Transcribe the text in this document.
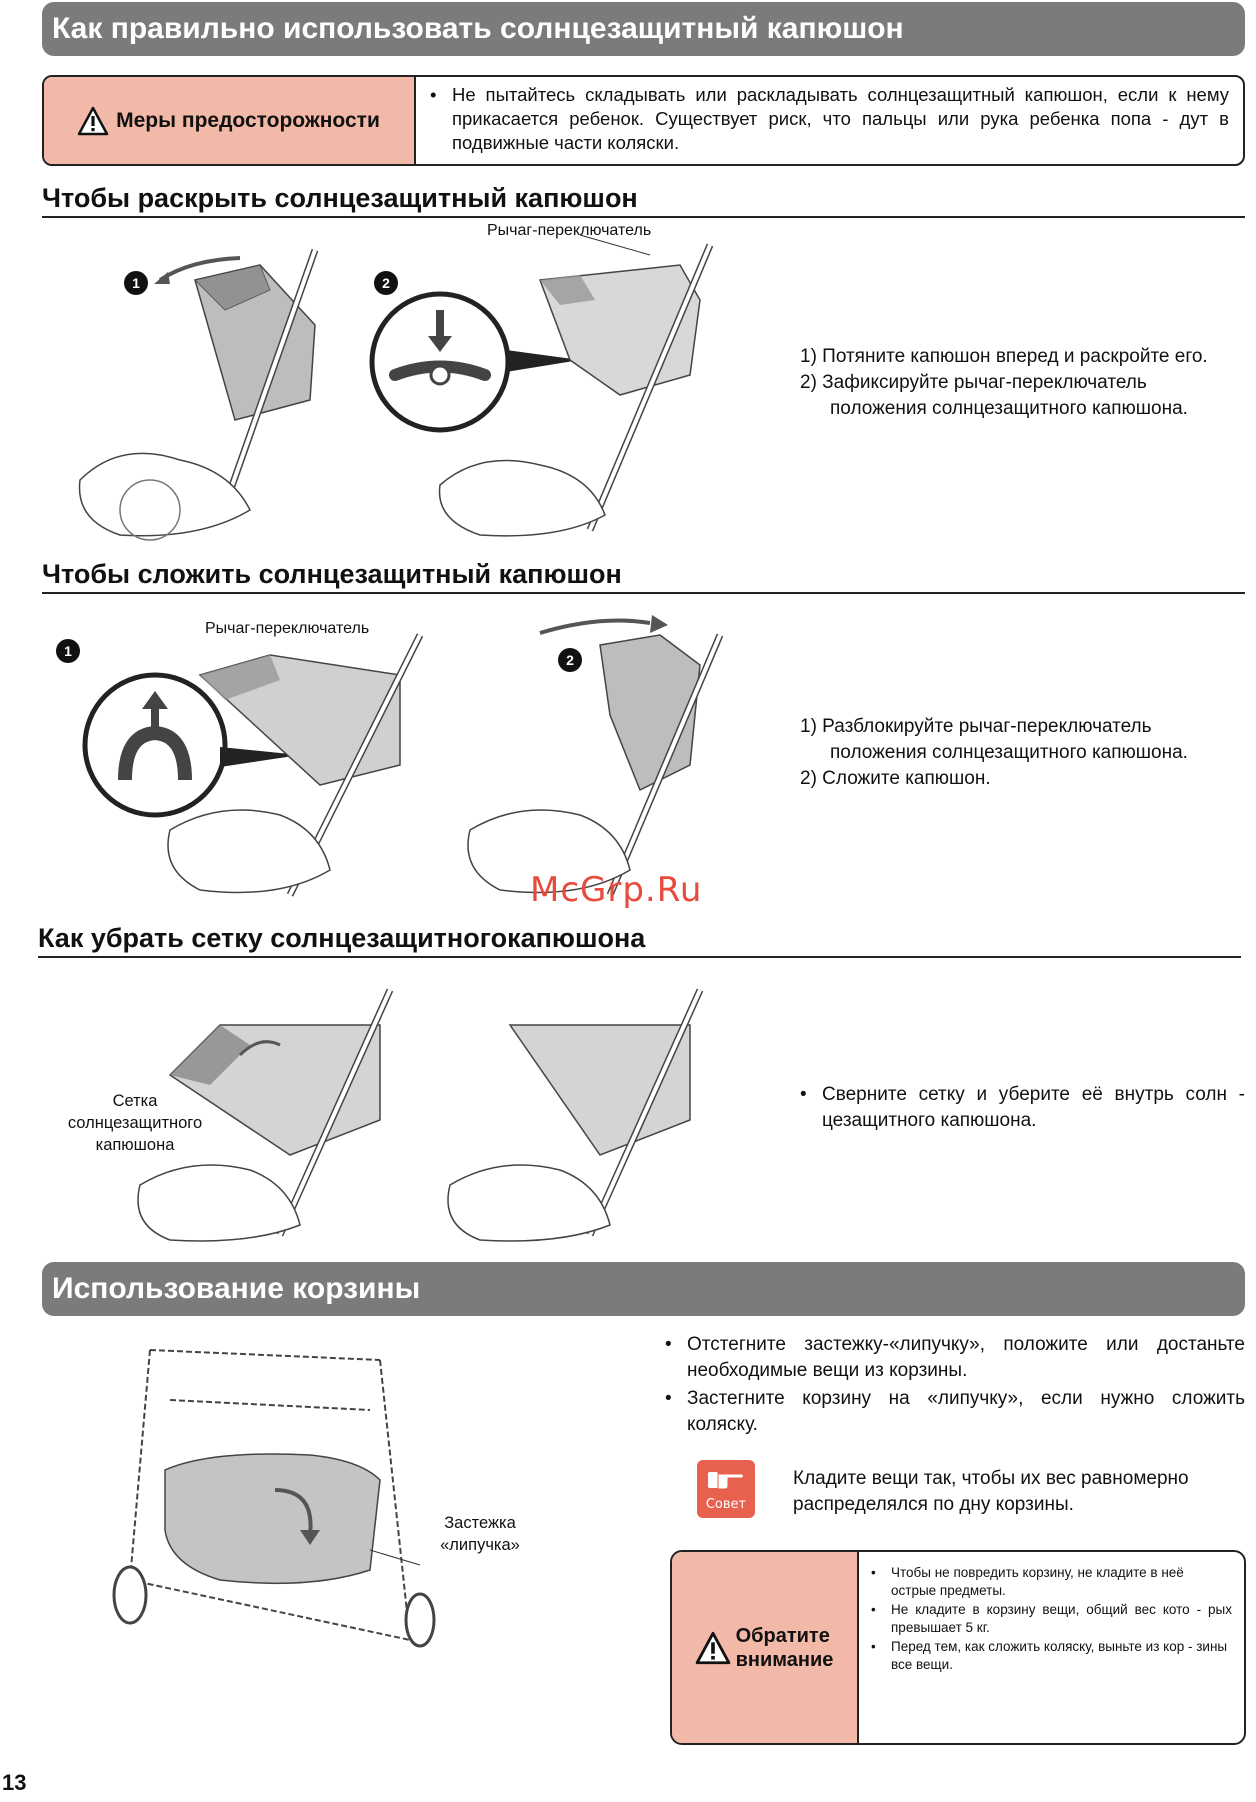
Как правильно использовать солнцезащитный капюшон
Меры предосторожности
• Не пытайтесь складывать или раскладывать солнцезащитный капюшон, если к нему прикасается ребенок. Существует риск, что пальцы или рука ребенка попа - дут в подвижные части коляски.
Чтобы раскрыть солнцезащитный капюшон
1	2
Рычаг-переключатель
1) Потяните капюшон вперед и раскройте его.
2) Зафиксируйте рычаг-переключатель
положения солнцезащитного капюшона.
Чтобы сложить солнцезащитный капюшон
Рычаг-переключатель
1
2
1) Разблокируйте рычаг-переключатель
положения солнцезащитного капюшона.
2) Сложите капюшон.
McGrp.Ru
Как убрать сетку солнцезащитногокапюшона
Сетка
солнцезащитного
капюшона
• Сверните сетку и уберите её внутрь солн - цезащитного капюшона.
Использование корзины
Застежка
«липучка»
• Отстегните застежку-«липучку», положите или достаньте необходимые вещи из корзины.
• Застегните корзину на «липучку», если нужно сложить коляску.
Совет
Кладите вещи так, чтобы их вес равномерно распределялся по дну корзины.
Обратите
внимание
•	Чтобы не повредить корзину, не кладите в неё острые предметы.
•	Не кладите в корзину вещи, общий вес кото - рых превышает 5 кг.
•	Перед тем, как сложить коляску, выньте из кор - зины все вещи.
13
